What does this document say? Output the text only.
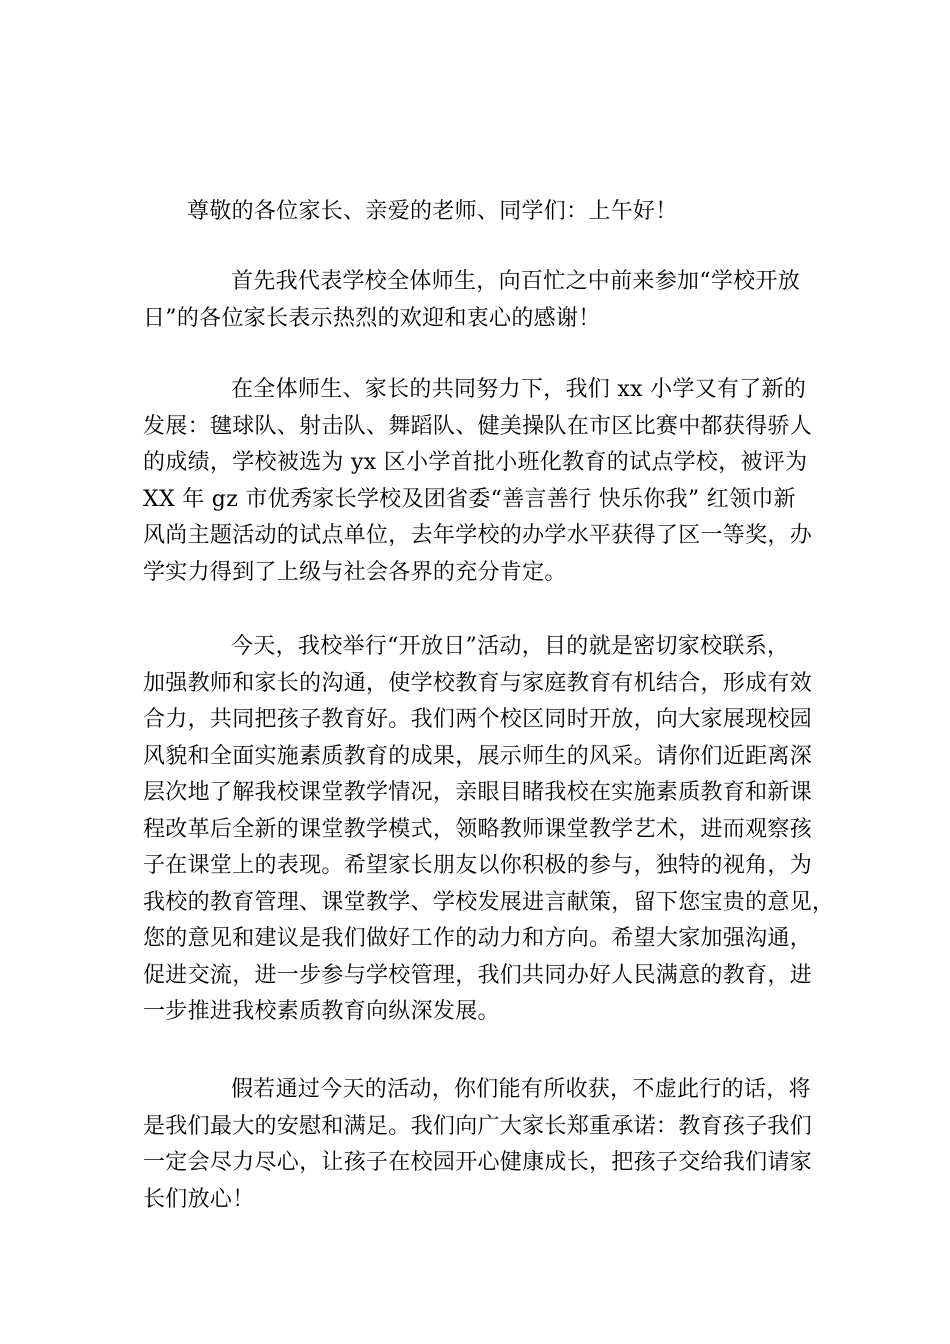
尊敬的各位家长、亲爱的老师、同学们：上午好！
首先我代表学校全体师生，向百忙之中前来参加“学校开放
日”的各位家长表示热烈的欢迎和衷心的感谢！
在全体师生、家长的共同努力下，我们 xx 小学又有了新的
发展：毽球队、射击队、舞蹈队、健美操队在市区比赛中都获得骄人
的成绩，学校被选为 yx 区小学首批小班化教育的试点学校，被评为
XX 年 gz 市优秀家长学校及团省委“善言善行 快乐你我” 红领巾新
风尚主题活动的试点单位，去年学校的办学水平获得了区一等奖，办
学实力得到了上级与社会各界的充分肯定。
今天，我校举行“开放日”活动，目的就是密切家校联系，
加强教师和家长的沟通，使学校教育与家庭教育有机结合，形成有效
合力，共同把孩子教育好。我们两个校区同时开放，向大家展现校园
风貌和全面实施素质教育的成果，展示师生的风采。请你们近距离深
层次地了解我校课堂教学情况，亲眼目睹我校在实施素质教育和新课
程改革后全新的课堂教学模式，领略教师课堂教学艺术，进而观察孩
子在课堂上的表现。希望家长朋友以你积极的参与，独特的视角，为
我校的教育管理、课堂教学、学校发展进言献策，留下您宝贵的意见，
您的意见和建议是我们做好工作的动力和方向。希望大家加强沟通，
促进交流，进一步参与学校管理，我们共同办好人民满意的教育，进
一步推进我校素质教育向纵深发展。
假若通过今天的活动，你们能有所收获，不虚此行的话，将
是我们最大的安慰和满足。我们向广大家长郑重承诺：教育孩子我们
一定会尽力尽心，让孩子在校园开心健康成长，把孩子交给我们请家
长们放心！
